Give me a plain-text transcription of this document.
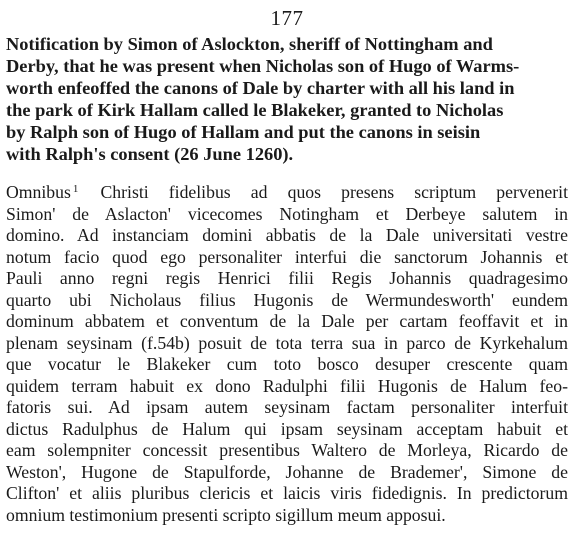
177
Notification by Simon of Aslockton, sheriff of Nottingham and
Derby, that he was present when Nicholas son of Hugo of Warms-
worth enfeoffed the canons of Dale by charter with all his land in
the park of Kirk Hallam called le Blakeker, granted to Nicholas
by Ralph son of Hugo of Hallam and put the canons in seisin
with Ralph's consent (26 June 1260).
Omnibus $^1$ Christi fidelibus ad quos presens scriptum pervenerit
Simon' de Aslacton' vicecomes Notingham et Derbeye salutem in
domino. Ad instanciam domini abbatis de la Dale universitati vestre
notum facio quod ego personaliter interfui die sanctorum Johannis et
Pauli anno regni regis Henrici filii Regis Johannis quadragesimo
quarto ubi Nicholaus filius Hugonis de Wermundesworth' eundem
dominum abbatem et conventum de la Dale per cartam feoffavit et in
plenam seysinam (f.54b) posuit de tota terra sua in parco de Kyrkehalum
que vocatur le Blakeker cum toto bosco desuper crescente quam
quidem terram habuit ex dono Radulphi filii Hugonis de Halum feo-
fatoris sui. Ad ipsam autem seysinam factam personaliter interfuit
dictus Radulphus de Halum qui ipsam seysinam acceptam habuit et
eam solempniter concessit presentibus Waltero de Morleya, Ricardo de
Weston', Hugone de Stapulforde, Johanne de Brademer', Simone de
Clifton' et aliis pluribus clericis et laicis viris fidedignis. In predictorum
omnium testimonium presenti scripto sigillum meum apposui.
